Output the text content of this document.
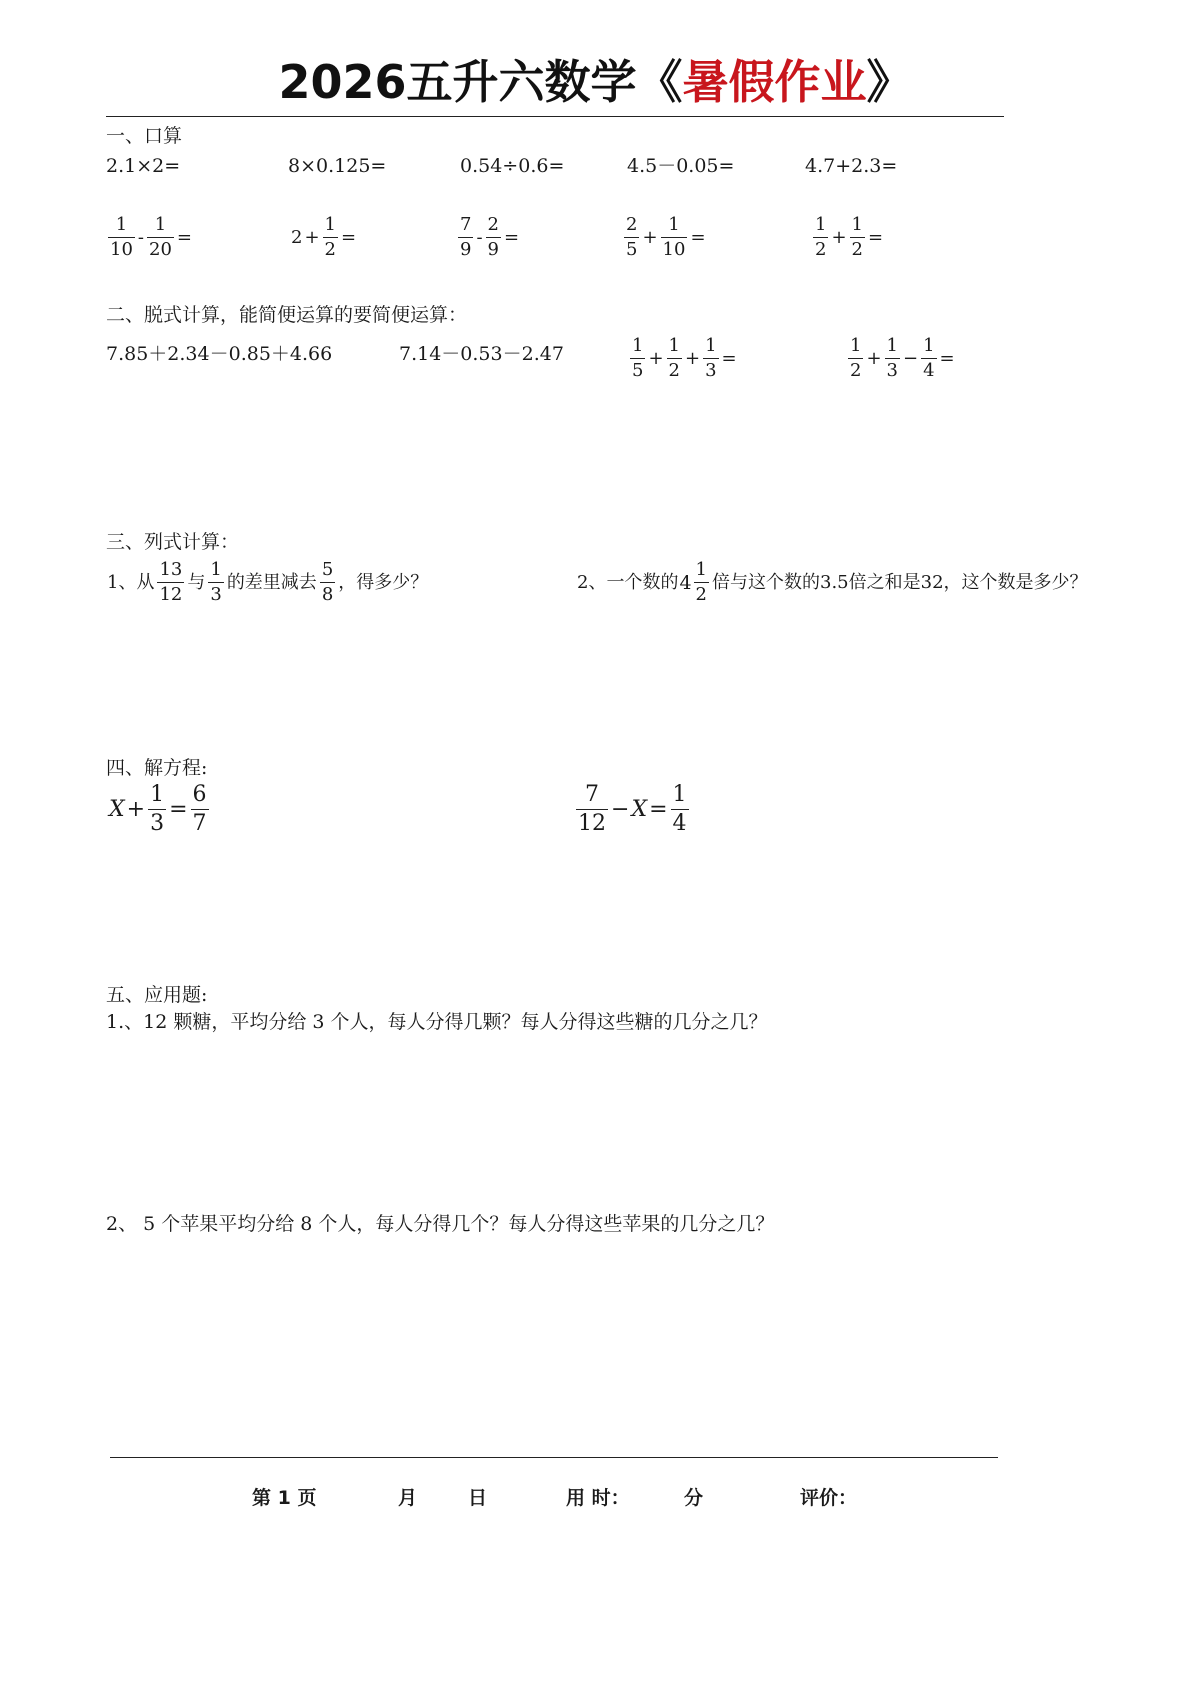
2026五升六数学《暑假作业》
一、口算
2.1×2=	8×0.125=	0.54÷0.6=	4.5－0.05=	4.7+2.3=
$\frac{1}{10} - \frac{1}{20}$ =	$2 + \frac{1}{2}$ =	$\frac{7}{9} - \frac{2}{9}$ =	$\frac{2}{5} + \frac{1}{10}$ =	$\frac{1}{2} + \frac{1}{2}$ =
二、脱式计算，能简便运算的要简便运算：
7.85＋2.34－0.85＋4.66	7.14－0.53－2.47	$\frac{1}{5} + \frac{1}{2} + \frac{1}{3}$ =	$\frac{1}{2} + \frac{1}{3} - \frac{1}{4}$ =
三、列式计算：
1、从 $\frac{13}{12}$ 与 $\frac{1}{3}$ 的差里减去 $\frac{5}{8}$ ，得多少？	2、一个数的$4 \frac{1}{2}$ 倍与这个数的3.5倍之和是32，这个数是多少？
四、解方程:
$X+ \frac{1}{3} = \frac{6}{7}$	$\frac{7}{12} -X= \frac{1}{4}$
五、应用题:
1.、12 颗糖，平均分给 3 个人，每人分得几颗？每人分得这些糖的几分之几？
2、 5 个苹果平均分给 8 个人，每人分得几个？每人分得这些苹果的几分之几？
第 1 页	月	日	用 时：	分	评价：
